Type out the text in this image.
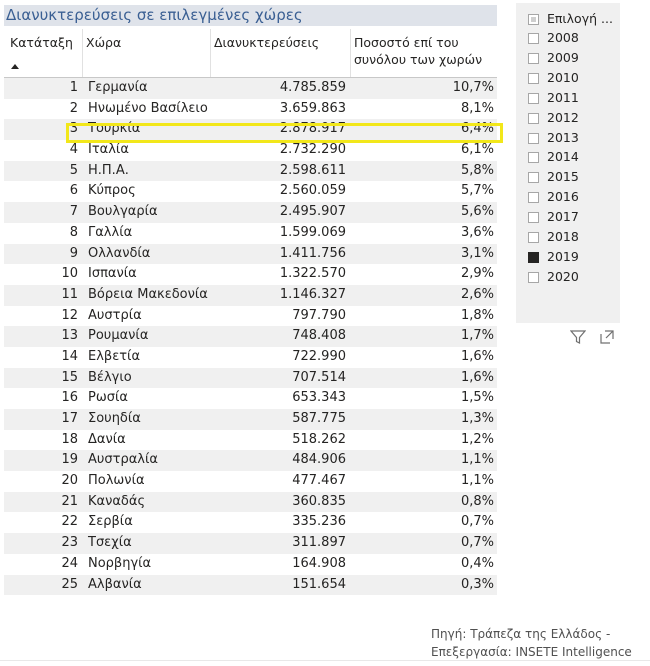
Διανυκτερεύσεις σε επιλεγμένες χώρες
Κατάταξη Χώρα	Διανυκτερεύσεις	Ποσοστό επί του
συνόλου των χωρών
1 Γερμανία	4.785.859	10,7%
2 Ηνωμένο Βασίλειο	3.659.863	8,1%
3 Τουρκία	2.878.917	6,4%
4 Ιταλία	2.732.290	6,1%
5 Η.Π.Α.	2.598.611	5,8%
6 Κύπρος	2.560.059	5,7%
7 Βουλγαρία	2.495.907	5,6%
8 Γαλλία	1.599.069	3,6%
9 Ολλανδία	1.411.756	3,1%
10 Ισπανία	1.322.570	2,9%
11 Βόρεια Μακεδονία	1.146.327	2,6%
12 Αυστρία	797.790	1,8%
13 Ρουμανία	748.408	1,7%
14 Ελβετία	722.990	1,6%
15 Βέλγιο	707.514	1,6%
16 Ρωσία	653.343	1,5%
17 Σουηδία	587.775	1,3%
18 Δανία	518.262	1,2%
19 Αυστραλία	484.906	1,1%
20 Πολωνία	477.467	1,1%
21 Καναδάς	360.835	0,8%
22 Σερβία	335.236	0,7%
23 Τσεχία	311.897	0,7%
24 Νορβηγία	164.908	0,4%
25 Αλβανία	151.654	0,3%
Επιλογή ...
2008
2009
2010
2011
2012
2013
2014
2015
2016
2017
2018
2019
2020
Πηγή: Τράπεζα της Ελλάδος -
Επεξεργασία: INSETE Intelligence
